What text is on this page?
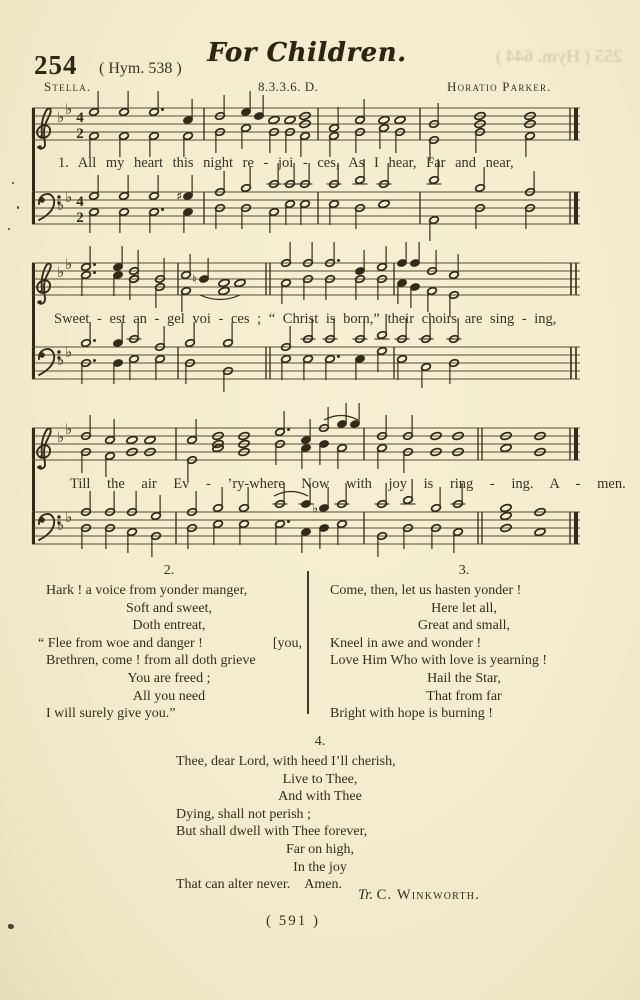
255 ( Hym. 644 )
254 ( Hym. 538 )
For Children.
Stella.	8.3.3.6. D.	Horatio Parker.
♭ ♭ 4
2
1. All my heart this night re - joi - ces, As I hear, Far and near,
♭ ♭ 4
2
♯
♭ ♭
♮
Sweet - est an - gel voi - ces ; “ Christ is born,” their choirs are sing - ing,
♭ ♭
♭ ♭
Till the air Ev - ’ry-where Now with joy is ring - ing. A - men.
♭ ♭	♭
2.
Hark ! a voice from yonder manger,
Soft and sweet,
Doth entreat,
“ Flee from woe and danger !	[you,
Brethren, come ! from all doth grieve
You are freed ;
All you need
I will surely give you.”
3.
Come, then, let us hasten yonder !
Here let all,
Great and small,
Kneel in awe and wonder !
Love Him Who with love is yearning !
Hail the Star,
That from far
Bright with hope is burning !
4.
Thee, dear Lord, with heed I’ll cherish,
Live to Thee,
And with Thee
Dying, shall not perish ;
But shall dwell with Thee forever,
Far on high,
In the joy
That can alter never.  Amen.
Tr. C. Winkworth.
( 591 )
